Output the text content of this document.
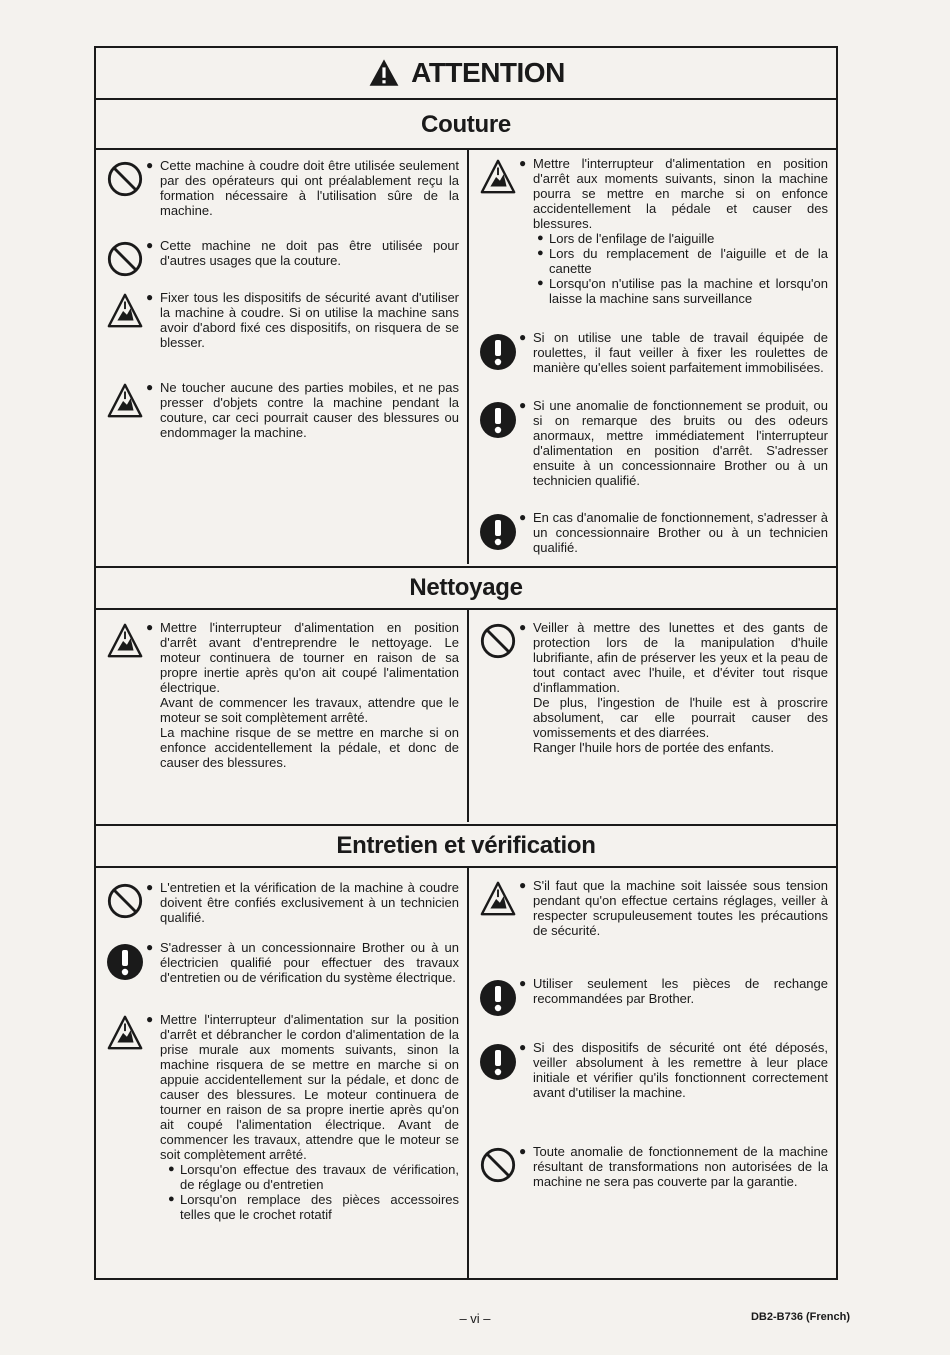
ATTENTION
Couture
● Cette machine à coudre doit être utilisée seulement par des opérateurs qui ont préalablement reçu la formation nécessaire à l'utilisation sûre de la machine.
● Cette machine ne doit pas être utilisée pour d'autres usages que la couture.
● Fixer tous les dispositifs de sécurité avant d'utiliser la machine à coudre. Si on utilise la machine sans avoir d'abord fixé ces dispositifs, on risquera de se blesser.
● Ne toucher aucune des parties mobiles, et ne pas presser d'objets contre la machine pendant la couture, car ceci pourrait causer des blessures ou endommager la machine.
● Mettre l'interrupteur d'alimentation en position d'arrêt aux moments suivants, sinon la machine pourra se mettre en marche si on enfonce accidentellement la pédale et causer des blessures.
● Lors de l'enfilage de l'aiguille
● Lors du remplacement de l'aiguille et de la canette
● Lorsqu'on n'utilise pas la machine et lorsqu'on laisse la machine sans surveillance
● Si on utilise une table de travail équipée de roulettes, il faut veiller à fixer les roulettes de manière qu'elles soient parfaitement immobilisées.
● Si une anomalie de fonctionnement se produit, ou si on remarque des bruits ou des odeurs anormaux, mettre immédiatement l'interrupteur d'alimentation en position d'arrêt. S'adresser ensuite à un concessionnaire Brother ou à un technicien qualifié.
● En cas d'anomalie de fonctionnement, s'adresser à un concessionnaire Brother ou à un technicien qualifié.
Nettoyage
● Mettre l'interrupteur d'alimentation en position d'arrêt avant d'entreprendre le nettoyage. Le moteur continuera de tourner en raison de sa propre inertie après qu'on ait coupé l'alimentation électrique.

Avant de commencer les travaux, attendre que le moteur se soit complètement arrêté.

La machine risque de se mettre en marche si on enfonce accidentellement la pédale, et donc de causer des blessures.

● Veiller à mettre des lunettes et des gants de protection lors de la manipulation d'huile lubrifiante, afin de préserver les yeux et la peau de tout contact avec l'huile, et d'éviter tout risque d'inflammation.

De plus, l'ingestion de l'huile est à proscrire absolument, car elle pourrait causer des vomissements et des diarrées.

Ranger l'huile hors de portée des enfants.

Entretien et vérification
● L'entretien et la vérification de la machine à coudre doivent être confiés exclusivement à un technicien qualifié.
● S'adresser à un concessionnaire Brother ou à un électricien qualifié pour effectuer des travaux d'entretien ou de vérification du système électrique.
● Mettre l'interrupteur d'alimentation sur la position d'arrêt et débrancher le cordon d'alimentation de la prise murale aux moments suivants, sinon la machine risquera de se mettre en marche si on appuie accidentellement sur la pédale, et donc de causer des blessures. Le moteur continuera de tourner en raison de sa propre inertie après qu'on ait coupé l'alimentation électrique. Avant de commencer les travaux, attendre que le moteur se soit complètement arrêté.
● Lorsqu'on effectue des travaux de vérification, de réglage ou d'entretien
● Lorsqu'on remplace des pièces accessoires telles que le crochet rotatif
● S'il faut que la machine soit laissée sous tension pendant qu'on effectue certains réglages, veiller à respecter scrupuleusement toutes les précautions de sécurité.
● Utiliser seulement les pièces de rechange recommandées par Brother.
● Si des dispositifs de sécurité ont été déposés, veiller absolument à les remettre à leur place initiale et vérifier qu'ils fonctionnent correctement avant d'utiliser la machine.
● Toute anomalie de fonctionnement de la machine résultant de transformations non autorisées de la machine ne sera pas couverte par la garantie.
– vi –	DB2-B736 (French)
